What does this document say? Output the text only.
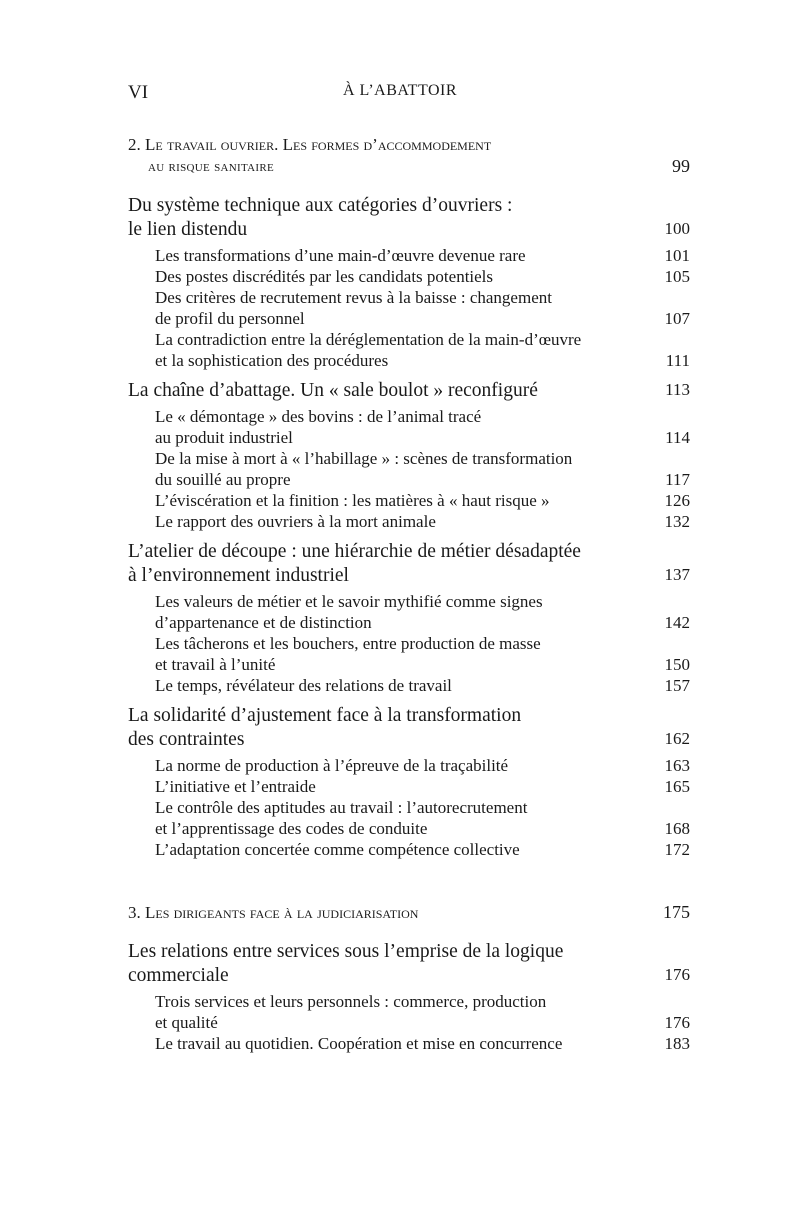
VI	À L’ABATTOIR
2. Le travail ouvrier. Les formes d’accommodement
au risque sanitaire	99
Du système technique aux catégories d’ouvriers :
le lien distendu	100
Les transformations d’une main-d’œuvre devenue rare	101
Des postes discrédités par les candidats potentiels	105
Des critères de recrutement revus à la baisse : changement
de profil du personnel	107
La contradiction entre la déréglementation de la main-d’œuvre
et la sophistication des procédures	111
La chaîne d’abattage. Un « sale boulot » reconfiguré	113
Le « démontage » des bovins : de l’animal tracé
au produit industriel	114
De la mise à mort à « l’habillage » : scènes de transformation
du souillé au propre	117
L’éviscération et la finition : les matières à « haut risque »	126
Le rapport des ouvriers à la mort animale	132
L’atelier de découpe : une hiérarchie de métier désadaptée
à l’environnement industriel	137
Les valeurs de métier et le savoir mythifié comme signes
d’appartenance et de distinction	142
Les tâcherons et les bouchers, entre production de masse
et travail à l’unité	150
Le temps, révélateur des relations de travail	157
La solidarité d’ajustement face à la transformation
des contraintes	162
La norme de production à l’épreuve de la traçabilité	163
L’initiative et l’entraide	165
Le contrôle des aptitudes au travail : l’autorecrutement
et l’apprentissage des codes de conduite	168
L’adaptation concertée comme compétence collective	172
3. Les dirigeants face à la judiciarisation	175
Les relations entre services sous l’emprise de la logique
commerciale	176
Trois services et leurs personnels : commerce, production
et qualité	176
Le travail au quotidien. Coopération et mise en concurrence	183
